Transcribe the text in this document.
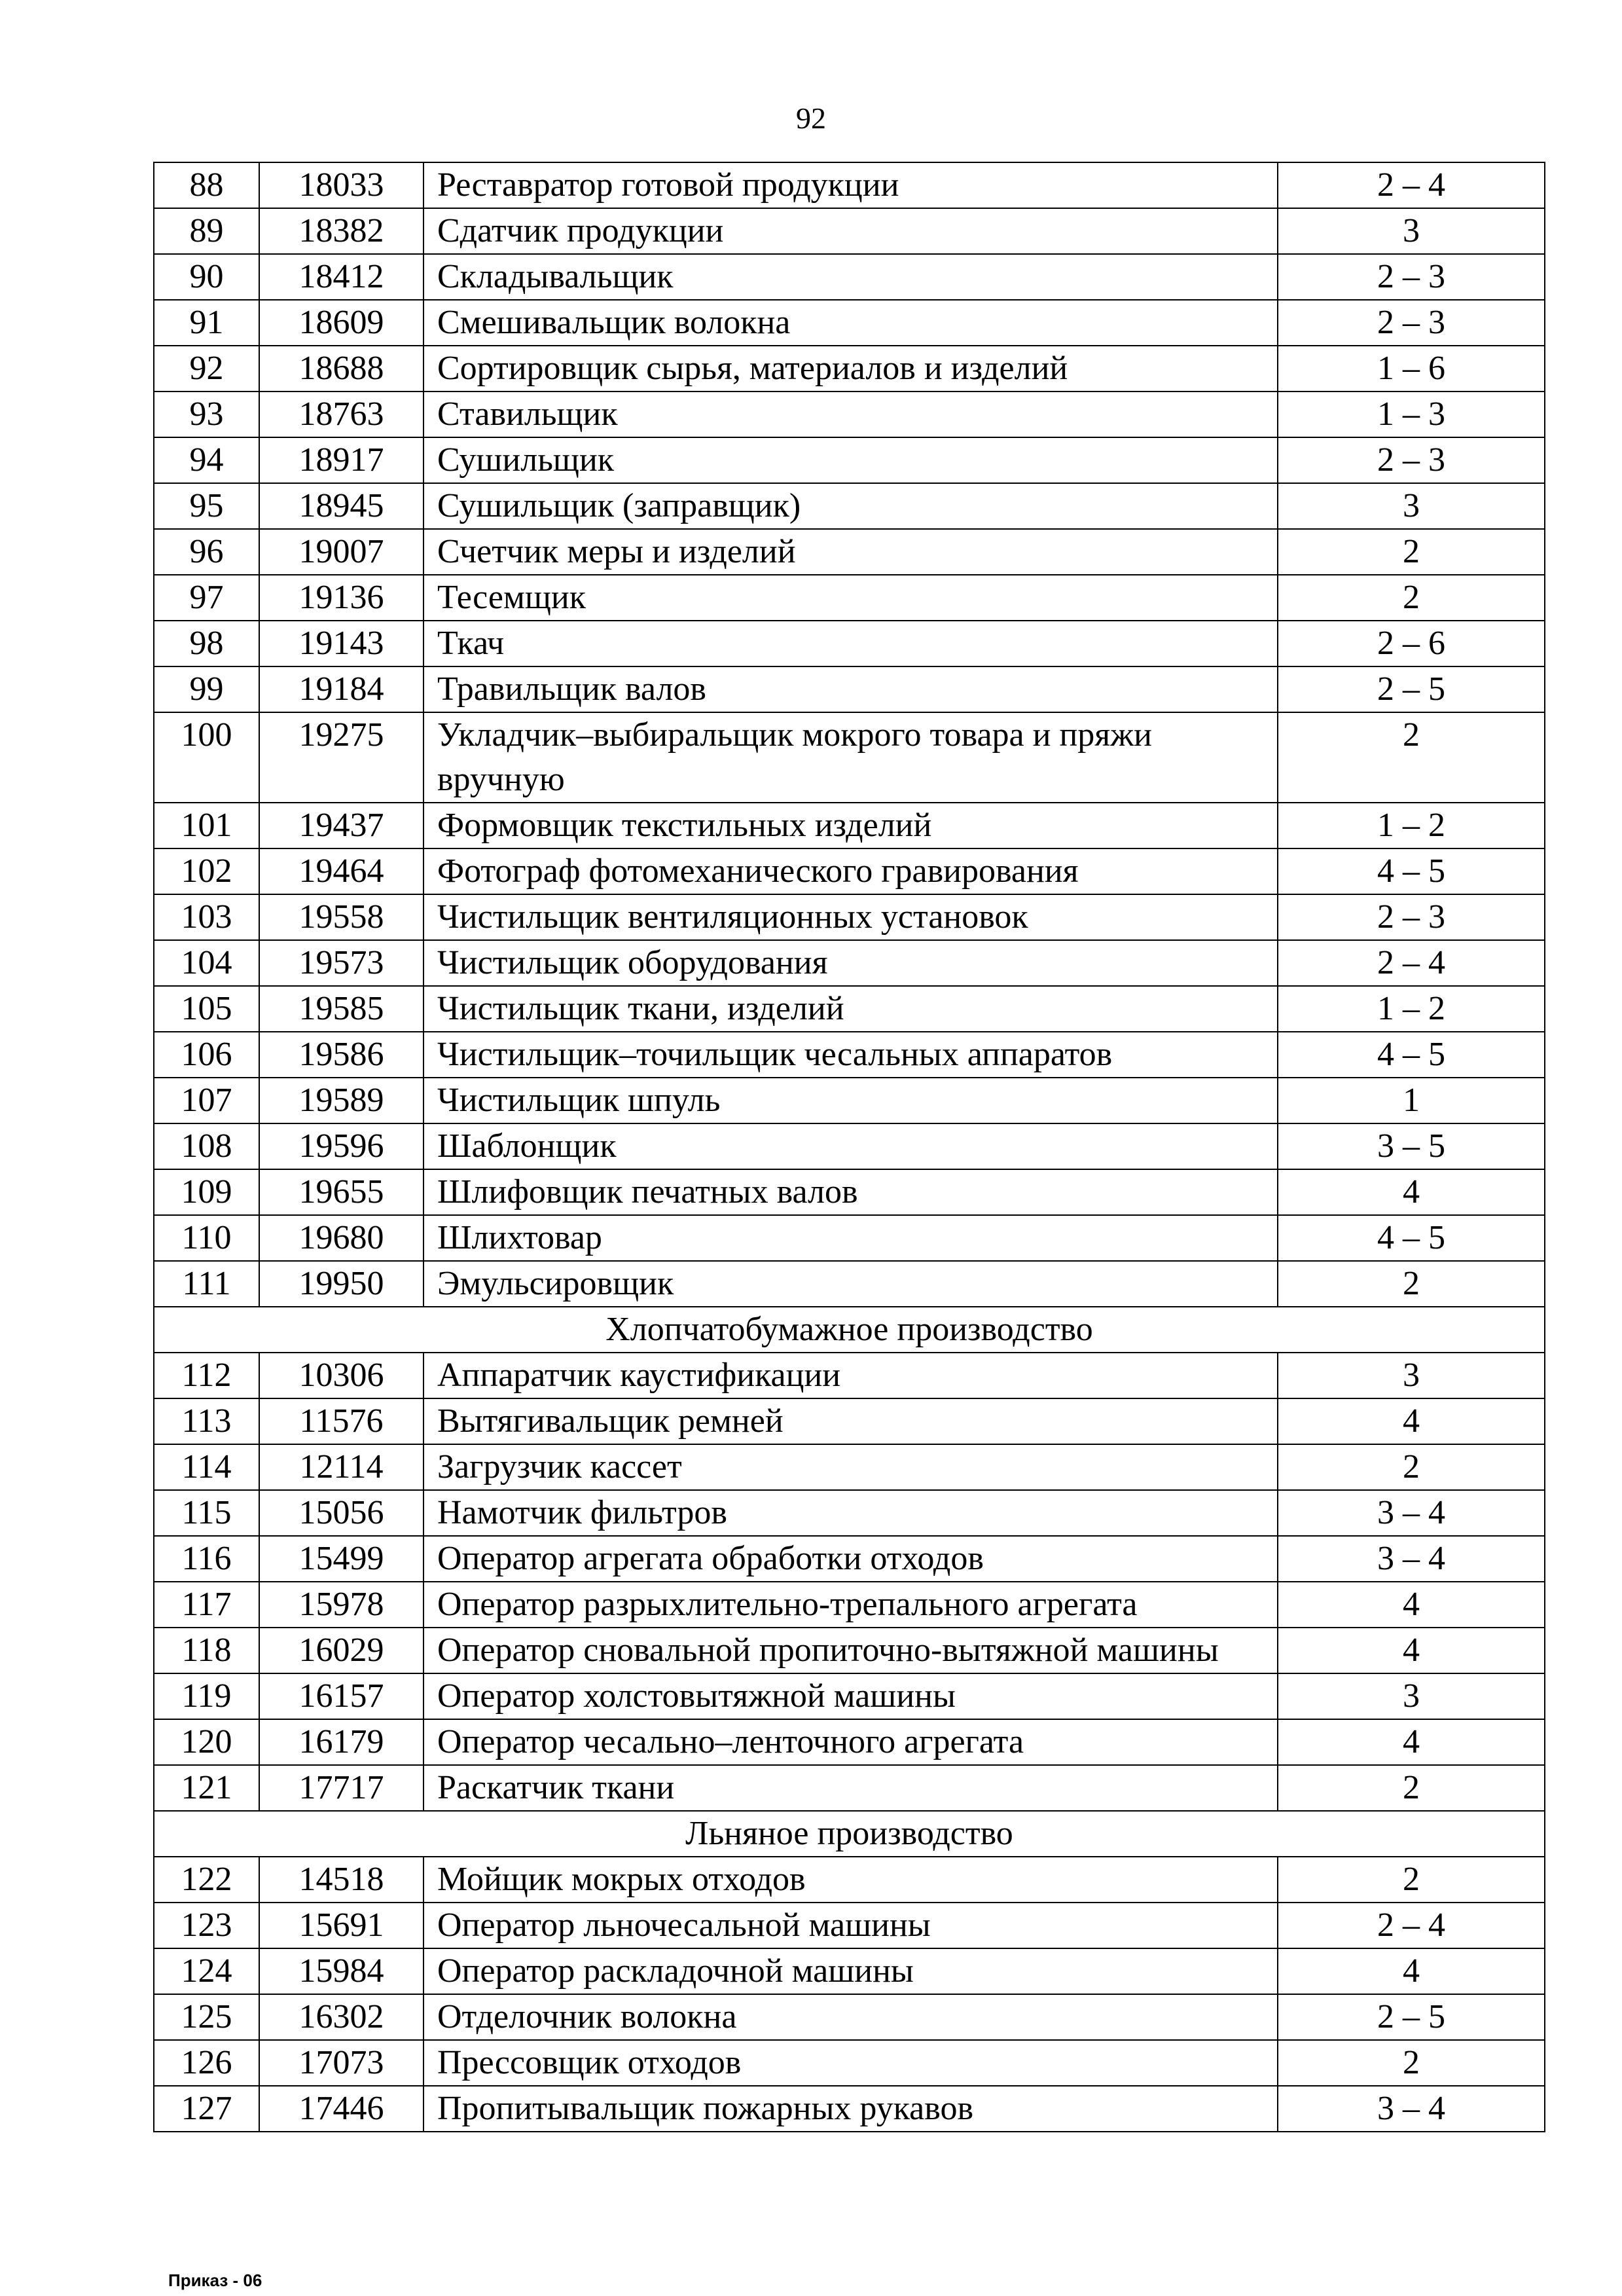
92
88	18033	Реставратор готовой продукции	2 – 4
89	18382	Сдатчик продукции	3
90	18412	Складывальщик	2 – 3
91	18609	Смешивальщик волокна	2 – 3
92	18688	Сортировщик сырья, материалов и изделий	1 – 6
93	18763	Ставильщик	1 – 3
94	18917	Сушильщик	2 – 3
95	18945	Сушильщик (заправщик)	3
96	19007	Счетчик меры и изделий	2
97	19136	Тесемщик	2
98	19143	Ткач	2 – 6
99	19184	Травильщик валов	2 – 5
100	19275	Укладчик–выбиральщик мокрого товара и пряжи вручную	2
101	19437	Формовщик текстильных изделий	1 – 2
102	19464	Фотограф фотомеханического гравирования	4 – 5
103	19558	Чистильщик вентиляционных установок	2 – 3
104	19573	Чистильщик оборудования	2 – 4
105	19585	Чистильщик ткани, изделий	1 – 2
106	19586	Чистильщик–точильщик чесальных аппаратов	4 – 5
107	19589	Чистильщик шпуль	1
108	19596	Шаблонщик	3 – 5
109	19655	Шлифовщик печатных валов	4
110	19680	Шлихтовар	4 – 5
111	19950	Эмульсировщик	2
Хлопчатобумажное производство			
112	10306	Аппаратчик каустификации	3
113	11576	Вытягивальщик ремней	4
114	12114	Загрузчик кассет	2
115	15056	Намотчик фильтров	3 – 4
116	15499	Оператор агрегата обработки отходов	3 – 4
117	15978	Оператор разрыхлительно-трепального агрегата	4
118	16029	Оператор сновальной пропиточно-вытяжной машины	4
119	16157	Оператор холстовытяжной машины	3
120	16179	Оператор чесально–ленточного агрегата	4
121	17717	Раскатчик ткани	2
Льняное производство			
122	14518	Мойщик мокрых отходов	2
123	15691	Оператор льночесальной машины	2 – 4
124	15984	Оператор раскладочной машины	4
125	16302	Отделочник волокна	2 – 5
126	17073	Прессовщик отходов	2
127	17446	Пропитывальщик пожарных рукавов	3 – 4
Приказ - 06
